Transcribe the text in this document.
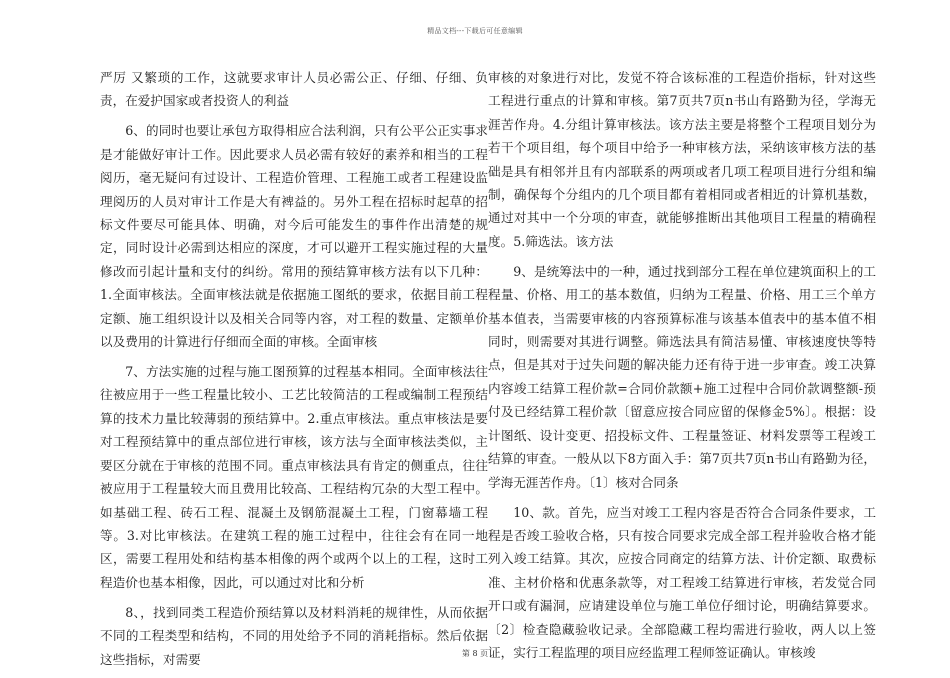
精品文档---下载后可任意编辑

严厉 又繁琐的工作，这就要求审计人员必需公正、仔细、仔细、负责，在爱护国家或者投资人的利益

6、的同时也要让承包方取得相应合法利润，只有公平公正实事求是才能做好审计工作。因此要求人员必需有较好的素养和相当的工程阅历，毫无疑问有过设计、工程造价管理、工程施工或者工程建设监理阅历的人员对审计工作是大有裨益的。另外工程在招标时起草的招标文件要尽可能具体、明确，对今后可能发生的事件作出清楚的规定，同时设计必需到达相应的深度，才可以避开工程实施过程的大量修改而引起计量和支付的纠纷。常用的预结算审核方法有以下几种：1.全面审核法。全面审核法就是依据施工图纸的要求，依据目前工程定额、施工组织设计以及相关合同等内容，对工程的数量、定额单价以及费用的计算进行仔细而全面的审核。全面审核

7、方法实施的过程与施工图预算的过程基本相同。全面审核法往往被应用于一些工程量比较小、工艺比较简洁的工程或编制工程预结算的技术力量比较薄弱的预结算中。2.重点审核法。重点审核法是要对工程预结算中的重点部位进行审核，该方法与全面审核法类似，主要区分就在于审核的范围不同。重点审核法具有肯定的侧重点，往往被应用于工程量较大而且费用比较高、工程结构冗杂的大型工程中。如基础工程、砖石工程、混凝土及钢筋混凝土工程，门窗幕墙工程等。3.对比审核法。在建筑工程的施工过程中，往往会有在同一地区，需要工程用处和结构基本相像的两个或两个以上的工程，这时工程造价也基本相像，因此，可以通过对比和分析

8、，找到同类工程造价预结算以及材料消耗的规律性，从而依据不同的工程类型和结构，不同的用处给予不同的消耗指标。然后依据这些指标，对需要

审核的对象进行对比，发觉不符合该标准的工程造价指标，针对这些工程进行重点的计算和审核。第7页共7页n书山有路勤为径，学海无涯苦作舟。4.分组计算审核法。该方法主要是将整个工程项目划分为若干个项目组，每个项目中给予一种审核方法，采纳该审核方法的基础是具有相邻并且有内部联系的两项或者几项工程项目进行分组和编制，确保每个分组内的几个项目都有着相同或者相近的计算机基数，通过对其中一个分项的审查，就能够推断出其他项目工程量的精确程度。5.筛选法。该方法

9、是统筹法中的一种，通过找到部分工程在单位建筑面积上的工程量、价格、用工的基本数值，归纳为工程量、价格、用工三个单方基本值表，当需要审核的内容预算标准与该基本值表中的基本值不相同时，则需要对其进行调整。筛选法具有简洁易懂、审核速度快等特点，但是其对于过失问题的解决能力还有待于进一步审查。竣工决算内容竣工结算工程价款=合同价款额+施工过程中合同价款调整额-预付及已经结算工程价款〔留意应按合同应留的保修金5%〕。根据：设计图纸、设计变更、招投标文件、工程量签证、材料发票等工程竣工结算的审查。一般从以下8方面入手：第7页共7页n书山有路勤为径，学海无涯苦作舟。〔1〕核对合同条

10、款。首先，应当对竣工工程内容是否符合合同条件要求，工程是否竣工验收合格，只有按合同要求完成全部工程并验收合格才能列入竣工结算。其次，应按合同商定的结算方法、计价定额、取费标准、主材价格和优惠条款等，对工程竣工结算进行审核，若发觉合同开口或有漏洞，应请建设单位与施工单位仔细讨论，明确结算要求。〔2〕检查隐藏验收记录。全部隐藏工程均需进行验收，两人以上签证，实行工程监理的项目应经监理工程师签证确认。审核竣

第 8 页
